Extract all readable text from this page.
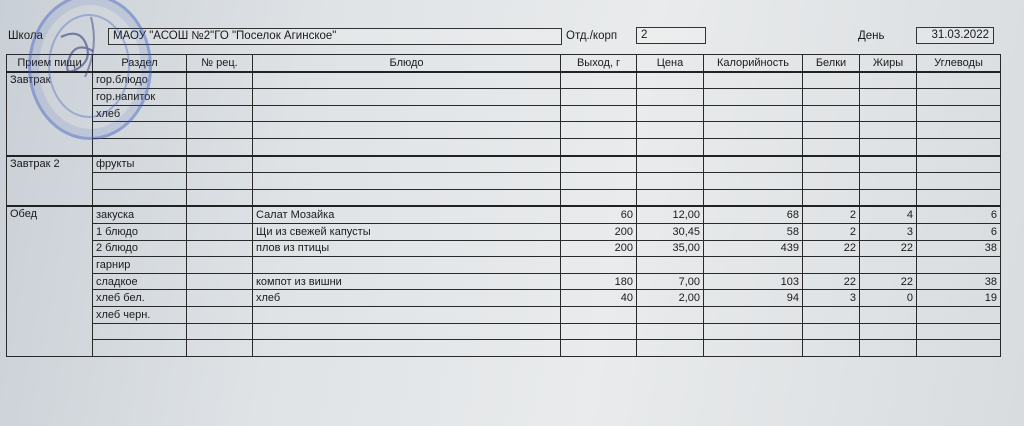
Школа	МАОУ "АСОШ №2"ГО "Поселок Агинское"	Отд./корп	2	День	31.03.2022
Прием пищи	Раздел	№ рец.	Блюдо	Выход, г	Цена	Калорийность	Белки	Жиры	Углеводы
Завтрак	гор.блюдо								
	гор.напиток								
	хлеб								

Завтрак 2	фрукты								

Обед	закуска		Салат Мозайка	60	12,00	68	2	4	6
	1 блюдо		Щи из свежей капусты	200	30,45	58	2	3	6
	2 блюдо		плов из птицы	200	35,00	439	22	22	38
	гарнир								
	сладкое		компот из вишни	180	7,00	103	22	22	38
	хлеб бел.		хлеб	40	2,00	94	3	0	19
	хлеб черн.								
